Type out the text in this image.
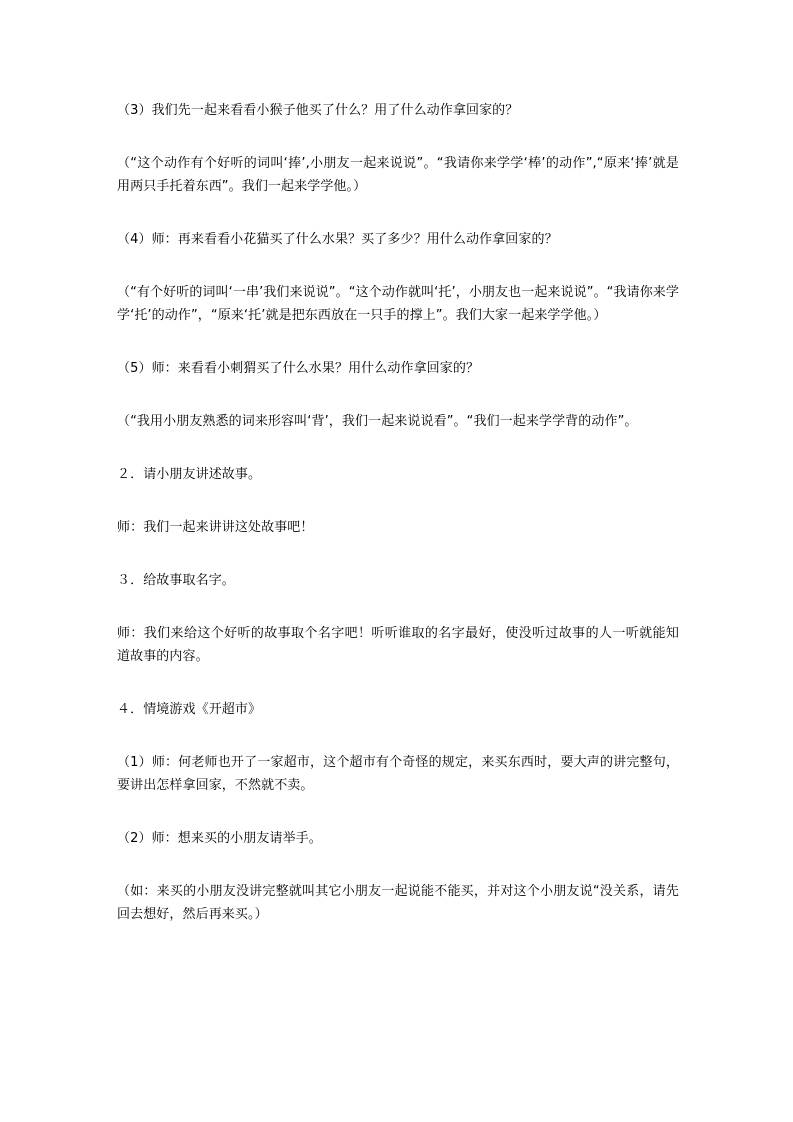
（3）我们先一起来看看小猴子他买了什么？用了什么动作拿回家的？

（“这个动作有个好听的词叫‘捧’,小朋友一起来说说”。“我请你来学学‘棒’的动作”,“原来‘捧’就是用两只手托着东西”。我们一起来学学他。）

（4）师：再来看看小花猫买了什么水果？买了多少？用什么动作拿回家的？

（“有个好听的词叫‘一串’我们来说说”。“这个动作就叫‘托’，小朋友也一起来说说”。“我请你来学学‘托’的动作”，“原来‘托’就是把东西放在一只手的撑上”。我们大家一起来学学他。）

（5）师：来看看小刺猬买了什么水果？用什么动作拿回家的？

（“我用小朋友熟悉的词来形容叫‘背’，我们一起来说说看”。“我们一起来学学背的动作”。

２．请小朋友讲述故事。

师：我们一起来讲讲这处故事吧！

３．给故事取名字。

师：我们来给这个好听的故事取个名字吧！听听谁取的名字最好，使没听过故事的人一听就能知道故事的内容。

４．情境游戏《开超市》

（1）师：何老师也开了一家超市，这个超市有个奇怪的规定，来买东西时，要大声的讲完整句，要讲出怎样拿回家，不然就不卖。

（2）师：想来买的小朋友请举手。

（如：来买的小朋友没讲完整就叫其它小朋友一起说能不能买，并对这个小朋友说“没关系，请先回去想好，然后再来买。）
